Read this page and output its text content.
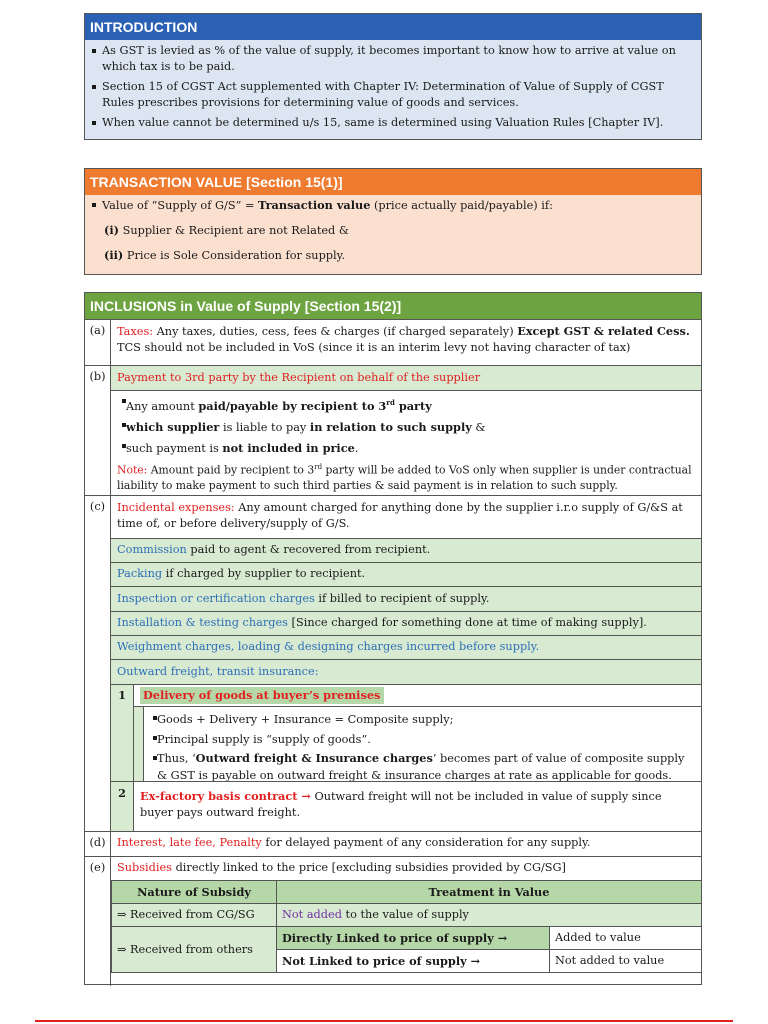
INTRODUCTION
As GST is levied as % of the value of supply, it becomes important to know how to arrive at value on which tax is to be paid.
Section 15 of CGST Act supplemented with Chapter IV: Determination of Value of Supply of CGST Rules prescribes provisions for determining value of goods and services.
When value cannot be determined u/s 15, same is determined using Valuation Rules [Chapter IV].
TRANSACTION VALUE [Section 15(1)]
Value of “Supply of G/S” = Transaction value (price actually paid/payable) if:
(i) Supplier & Recipient are not Related &
(ii) Price is Sole Consideration for supply.
INCLUSIONS in Value of Supply [Section 15(2)]
(a)	Taxes: Any taxes, duties, cess, fees & charges (if charged separately) Except GST & related Cess.
TCS should not be included in VoS (since it is an interim levy not having character of tax)
(b)	Payment to 3rd party by the Recipient on behalf of the supplier
Any amount paid/payable by recipient to 3rd party
which supplier is liable to pay in relation to such supply &
such payment is not included in price.
Note: Amount paid by recipient to 3rd party will be added to VoS only when supplier is under contractual liability to make payment to such third parties & said payment is in relation to such supply.
(c)	Incidental expenses: Any amount charged for anything done by the supplier i.r.o supply of G/&S at time of, or before delivery/supply of G/S.
Commission paid to agent & recovered from recipient.
Packing if charged by supplier to recipient.
Inspection or certification charges if billed to recipient of supply.
Installation & testing charges [Since charged for something done at time of making supply].
Weighment charges, loading & designing charges incurred before supply.
Outward freight, transit insurance:
1	Delivery of goods at buyer’s premises
Goods + Delivery + Insurance = Composite supply;
Principal supply is “supply of goods”.
Thus, ‘Outward freight & Insurance charges’ becomes part of value of composite supply & GST is payable on outward freight & insurance charges at rate as applicable for goods.
2	Ex-factory basis contract → Outward freight will not be included in value of supply since buyer pays outward freight.
(d)	Interest, late fee, Penalty for delayed payment of any consideration for any supply.
(e)	Subsidies directly linked to the price [excluding subsidies provided by CG/SG]
Nature of Subsidy	Treatment in Value	
⇒ Received from CG/SG	Not added to the value of supply	
⇒ Received from others	Directly Linked to price of supply →	Added to value
	Not Linked to price of supply →	Not added to value
